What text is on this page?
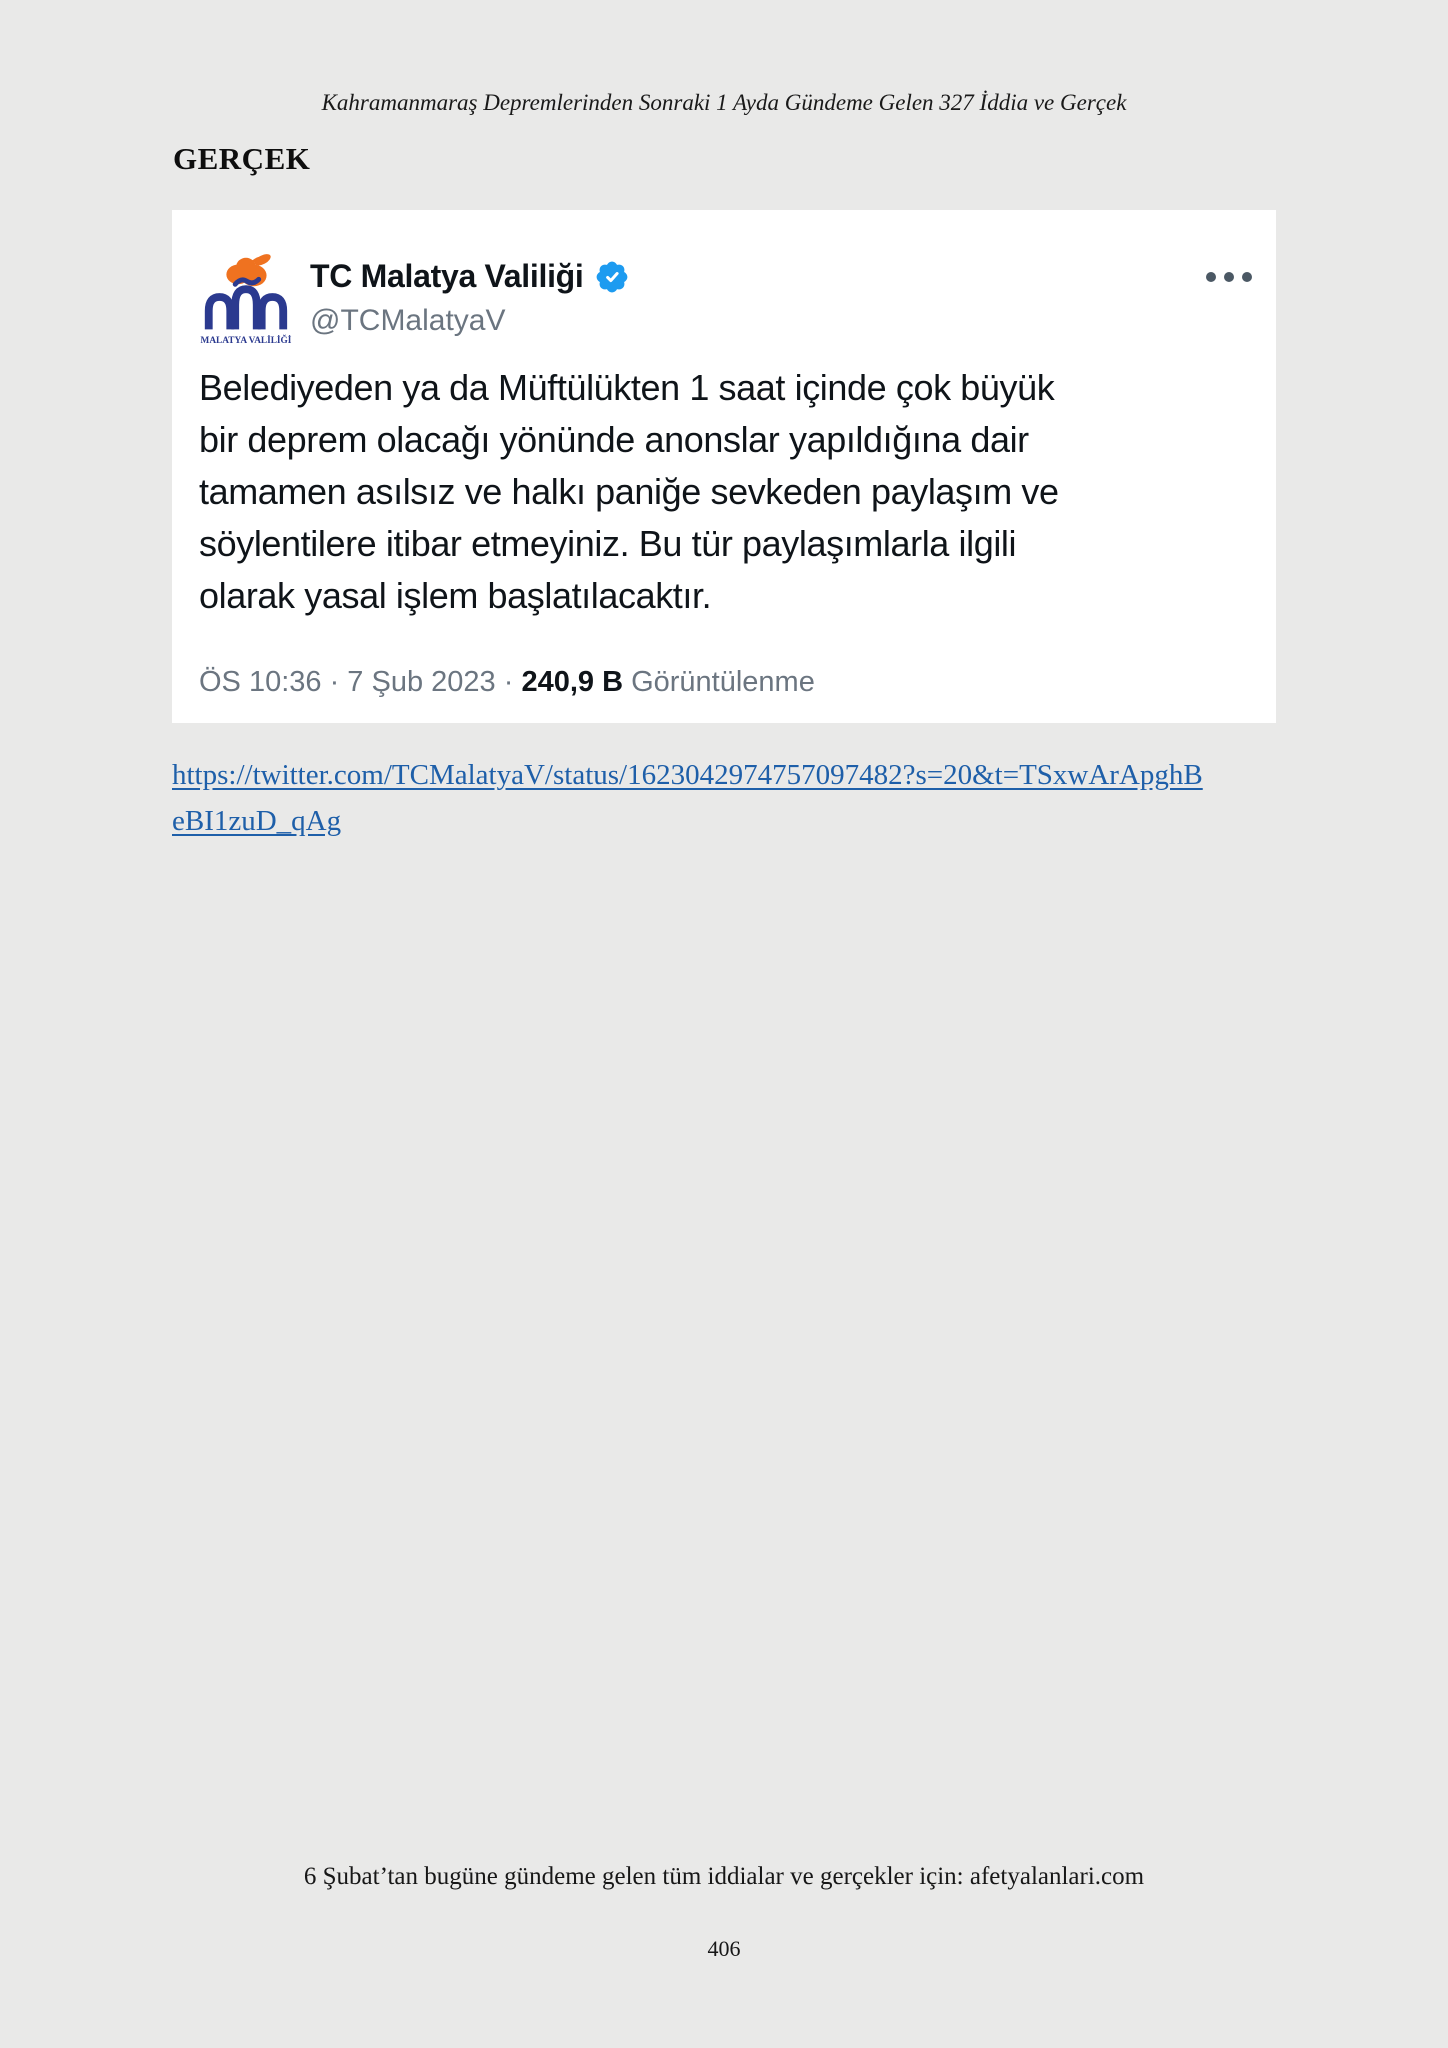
Kahramanmaraş Depremlerinden Sonraki 1 Ayda Gündeme Gelen 327 İddia ve Gerçek
GERÇEK
MALATYA VALİLİĞİ
TC Malatya Valiliği
@TCMalatyaV
Belediyeden ya da Müftülükten 1 saat içinde çok büyük
bir deprem olacağı yönünde anonslar yapıldığına dair
tamamen asılsız ve halkı paniğe sevkeden paylaşım ve
söylentilere itibar etmeyiniz. Bu tür paylaşımlarla ilgili
olarak yasal işlem başlatılacaktır.
ÖS 10:36 · 7 Şub 2023 · 240,9 B Görüntülenme
https://twitter.com/TCMalatyaV/status/1623042974757097482?s=20&t=TSxwArApghB
eBI1zuD_qAg
6 Şubat’tan bugüne gündeme gelen tüm iddialar ve gerçekler için: afetyalanlari.com
406
